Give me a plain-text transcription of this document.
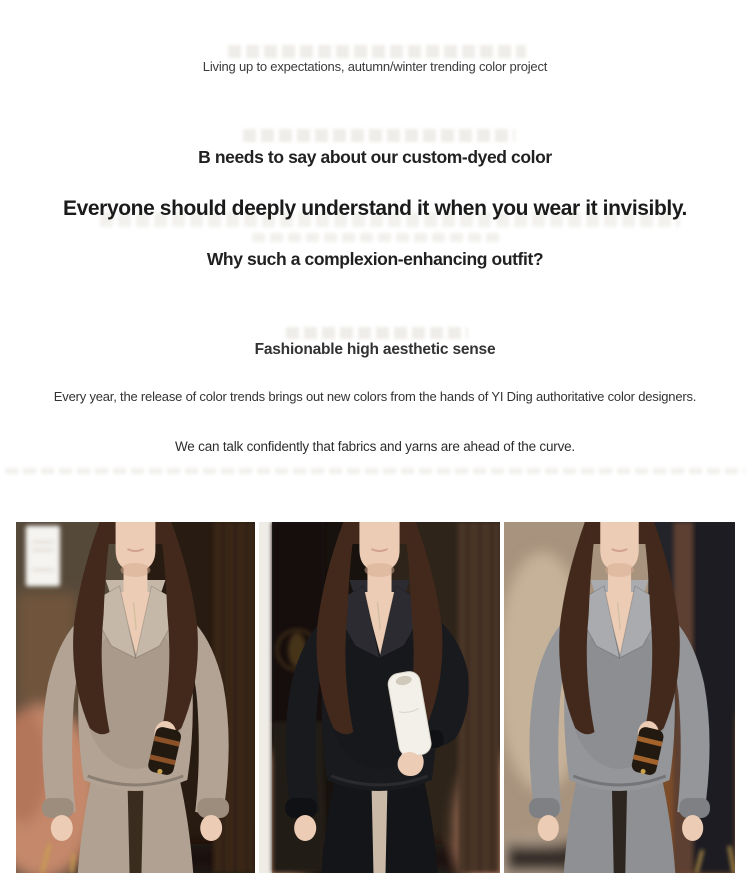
Living up to expectations, autumn/winter trending color project
B needs to say about our custom-dyed color
Everyone should deeply understand it when you wear it invisibly.
Why such a complexion-enhancing outfit?
Fashionable high aesthetic sense
Every year, the release of color trends brings out new colors from the hands of YI Ding authoritative color designers.
We can talk confidently that fabrics and yarns are ahead of the curve.
